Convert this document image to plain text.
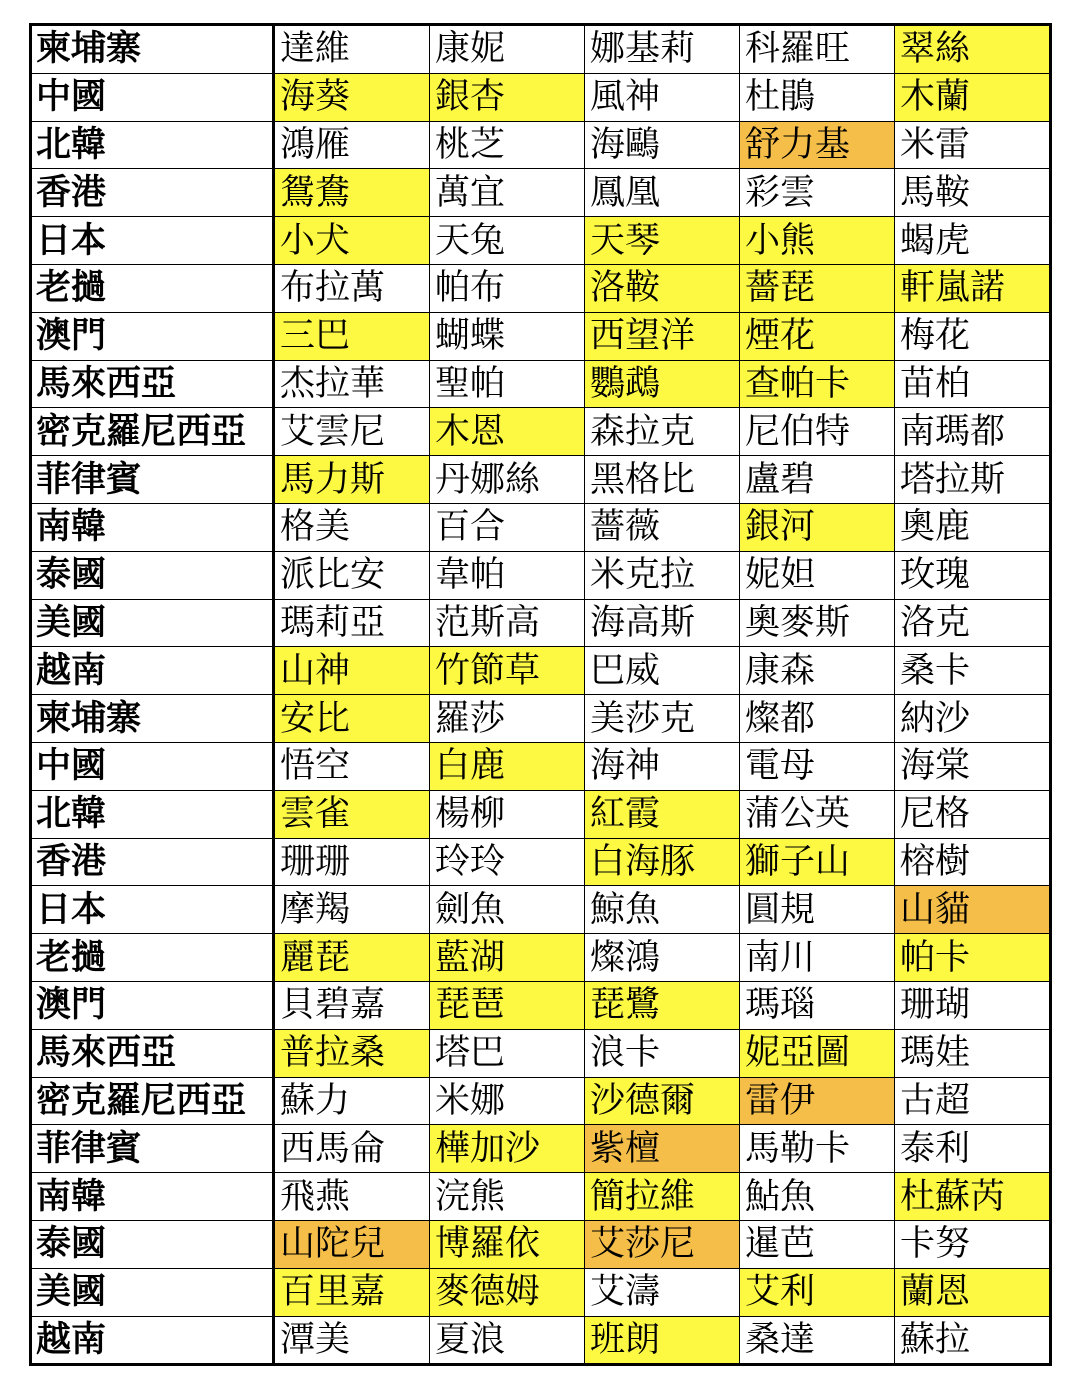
柬埔寨	達維	康妮	娜基莉	科羅旺	翠絲
中國	海葵	銀杏	風神	杜鵑	木蘭
北韓	鴻雁	桃芝	海鷗	舒力基	米雷
香港	鴛鴦	萬宜	鳳凰	彩雲	馬鞍
日本	小犬	天兔	天琴	小熊	蝎虎
老撾	布拉萬	帕布	洛鞍	薔琵	軒嵐諾
澳門	三巴	蝴蝶	西望洋	煙花	梅花
馬來西亞	杰拉華	聖帕	鸚鵡	查帕卡	苗柏
密克羅尼西亞	艾雲尼	木恩	森拉克	尼伯特	南瑪都
菲律賓	馬力斯	丹娜絲	黑格比	盧碧	塔拉斯
南韓	格美	百合	薔薇	銀河	奧鹿
泰國	派比安	韋帕	米克拉	妮妲	玫瑰
美國	瑪莉亞	范斯高	海高斯	奧麥斯	洛克
越南	山神	竹節草	巴威	康森	桑卡
柬埔寨	安比	羅莎	美莎克	燦都	納沙
中國	悟空	白鹿	海神	電母	海棠
北韓	雲雀	楊柳	紅霞	蒲公英	尼格
香港	珊珊	玲玲	白海豚	獅子山	榕樹
日本	摩羯	劍魚	鯨魚	圓規	山貓
老撾	麗琵	藍湖	燦鴻	南川	帕卡
澳門	貝碧嘉	琵琶	琵鷺	瑪瑙	珊瑚
馬來西亞	普拉桑	塔巴	浪卡	妮亞圖	瑪娃
密克羅尼西亞	蘇力	米娜	沙德爾	雷伊	古超
菲律賓	西馬侖	樺加沙	紫檀	馬勒卡	泰利
南韓	飛燕	浣熊	簡拉維	鮎魚	杜蘇芮
泰國	山陀兒	博羅依	艾莎尼	暹芭	卡努
美國	百里嘉	麥德姆	艾濤	艾利	蘭恩
越南	潭美	夏浪	班朗	桑達	蘇拉
